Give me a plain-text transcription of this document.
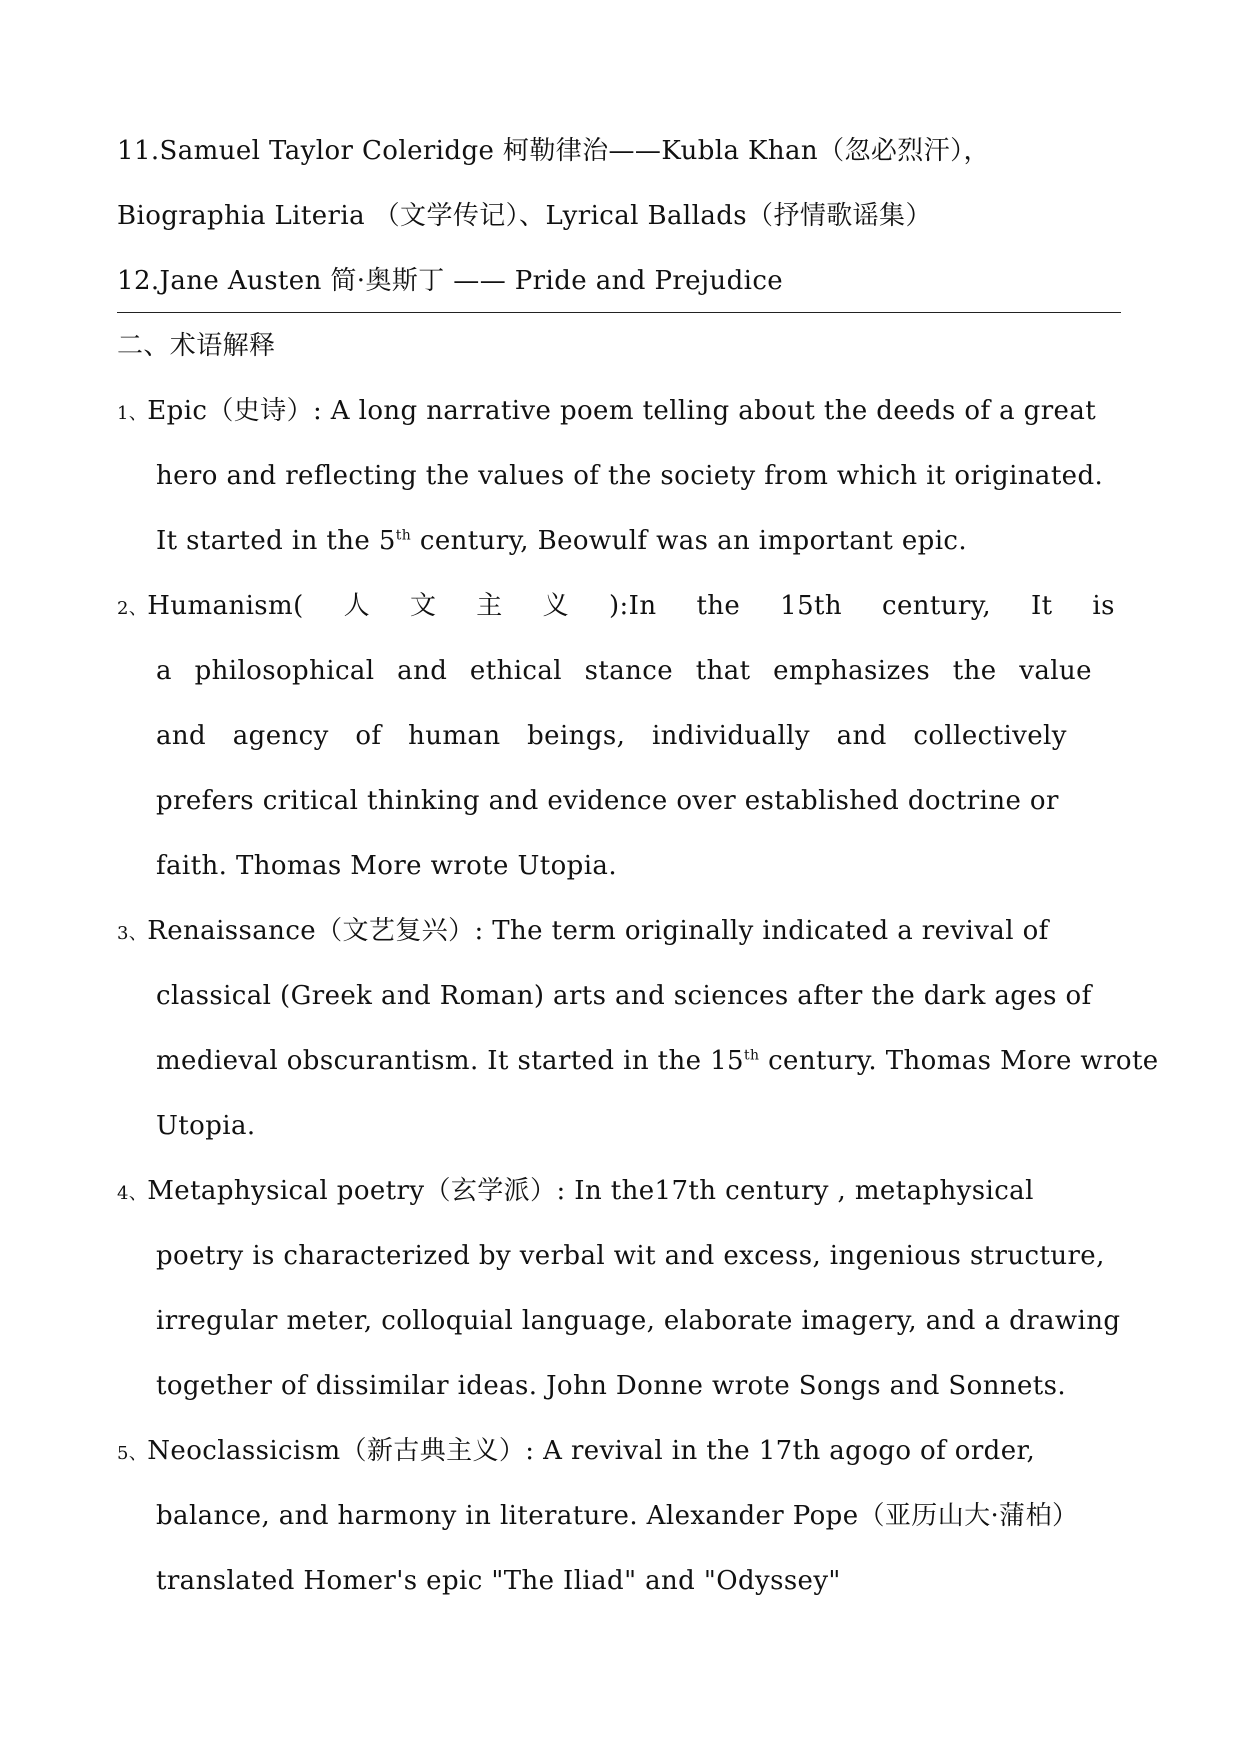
11.Samuel Taylor Coleridge 柯勒律治——Kubla Khan（忽必烈汗），
Biographia Literia （文学传记）、Lyrical Ballads（抒情歌谣集）
12.Jane Austen 简·奥斯丁 —— Pride and Prejudice
二、术语解释
1、Epic（史诗）: A long narrative poem telling about the deeds of a great
hero and reflecting the values of the society from which it originated.
It started in the 5th century, Beowulf was an important epic.
2、Humanism( 人 文 主 义 ):In the 15th century, It is
a philosophical and ethical stance that emphasizes the value
and agency of human beings, individually and collectively
prefers critical thinking and evidence over established doctrine or
faith. Thomas More wrote Utopia.
3、Renaissance（文艺复兴）: The term originally indicated a revival of
classical (Greek and Roman) arts and sciences after the dark ages of
medieval obscurantism. It started in the 15th century. Thomas More wrote
Utopia.
4、Metaphysical poetry（玄学派）: In the17th century , metaphysical
poetry is characterized by verbal wit and excess, ingenious structure,
irregular meter, colloquial language, elaborate imagery, and a drawing
together of dissimilar ideas. John Donne wrote Songs and Sonnets.
5、Neoclassicism（新古典主义）: A revival in the 17th agogo of order,
balance, and harmony in literature. Alexander Pope（亚历山大·蒲柏）
translated Homer's epic "The Iliad" and "Odyssey"
